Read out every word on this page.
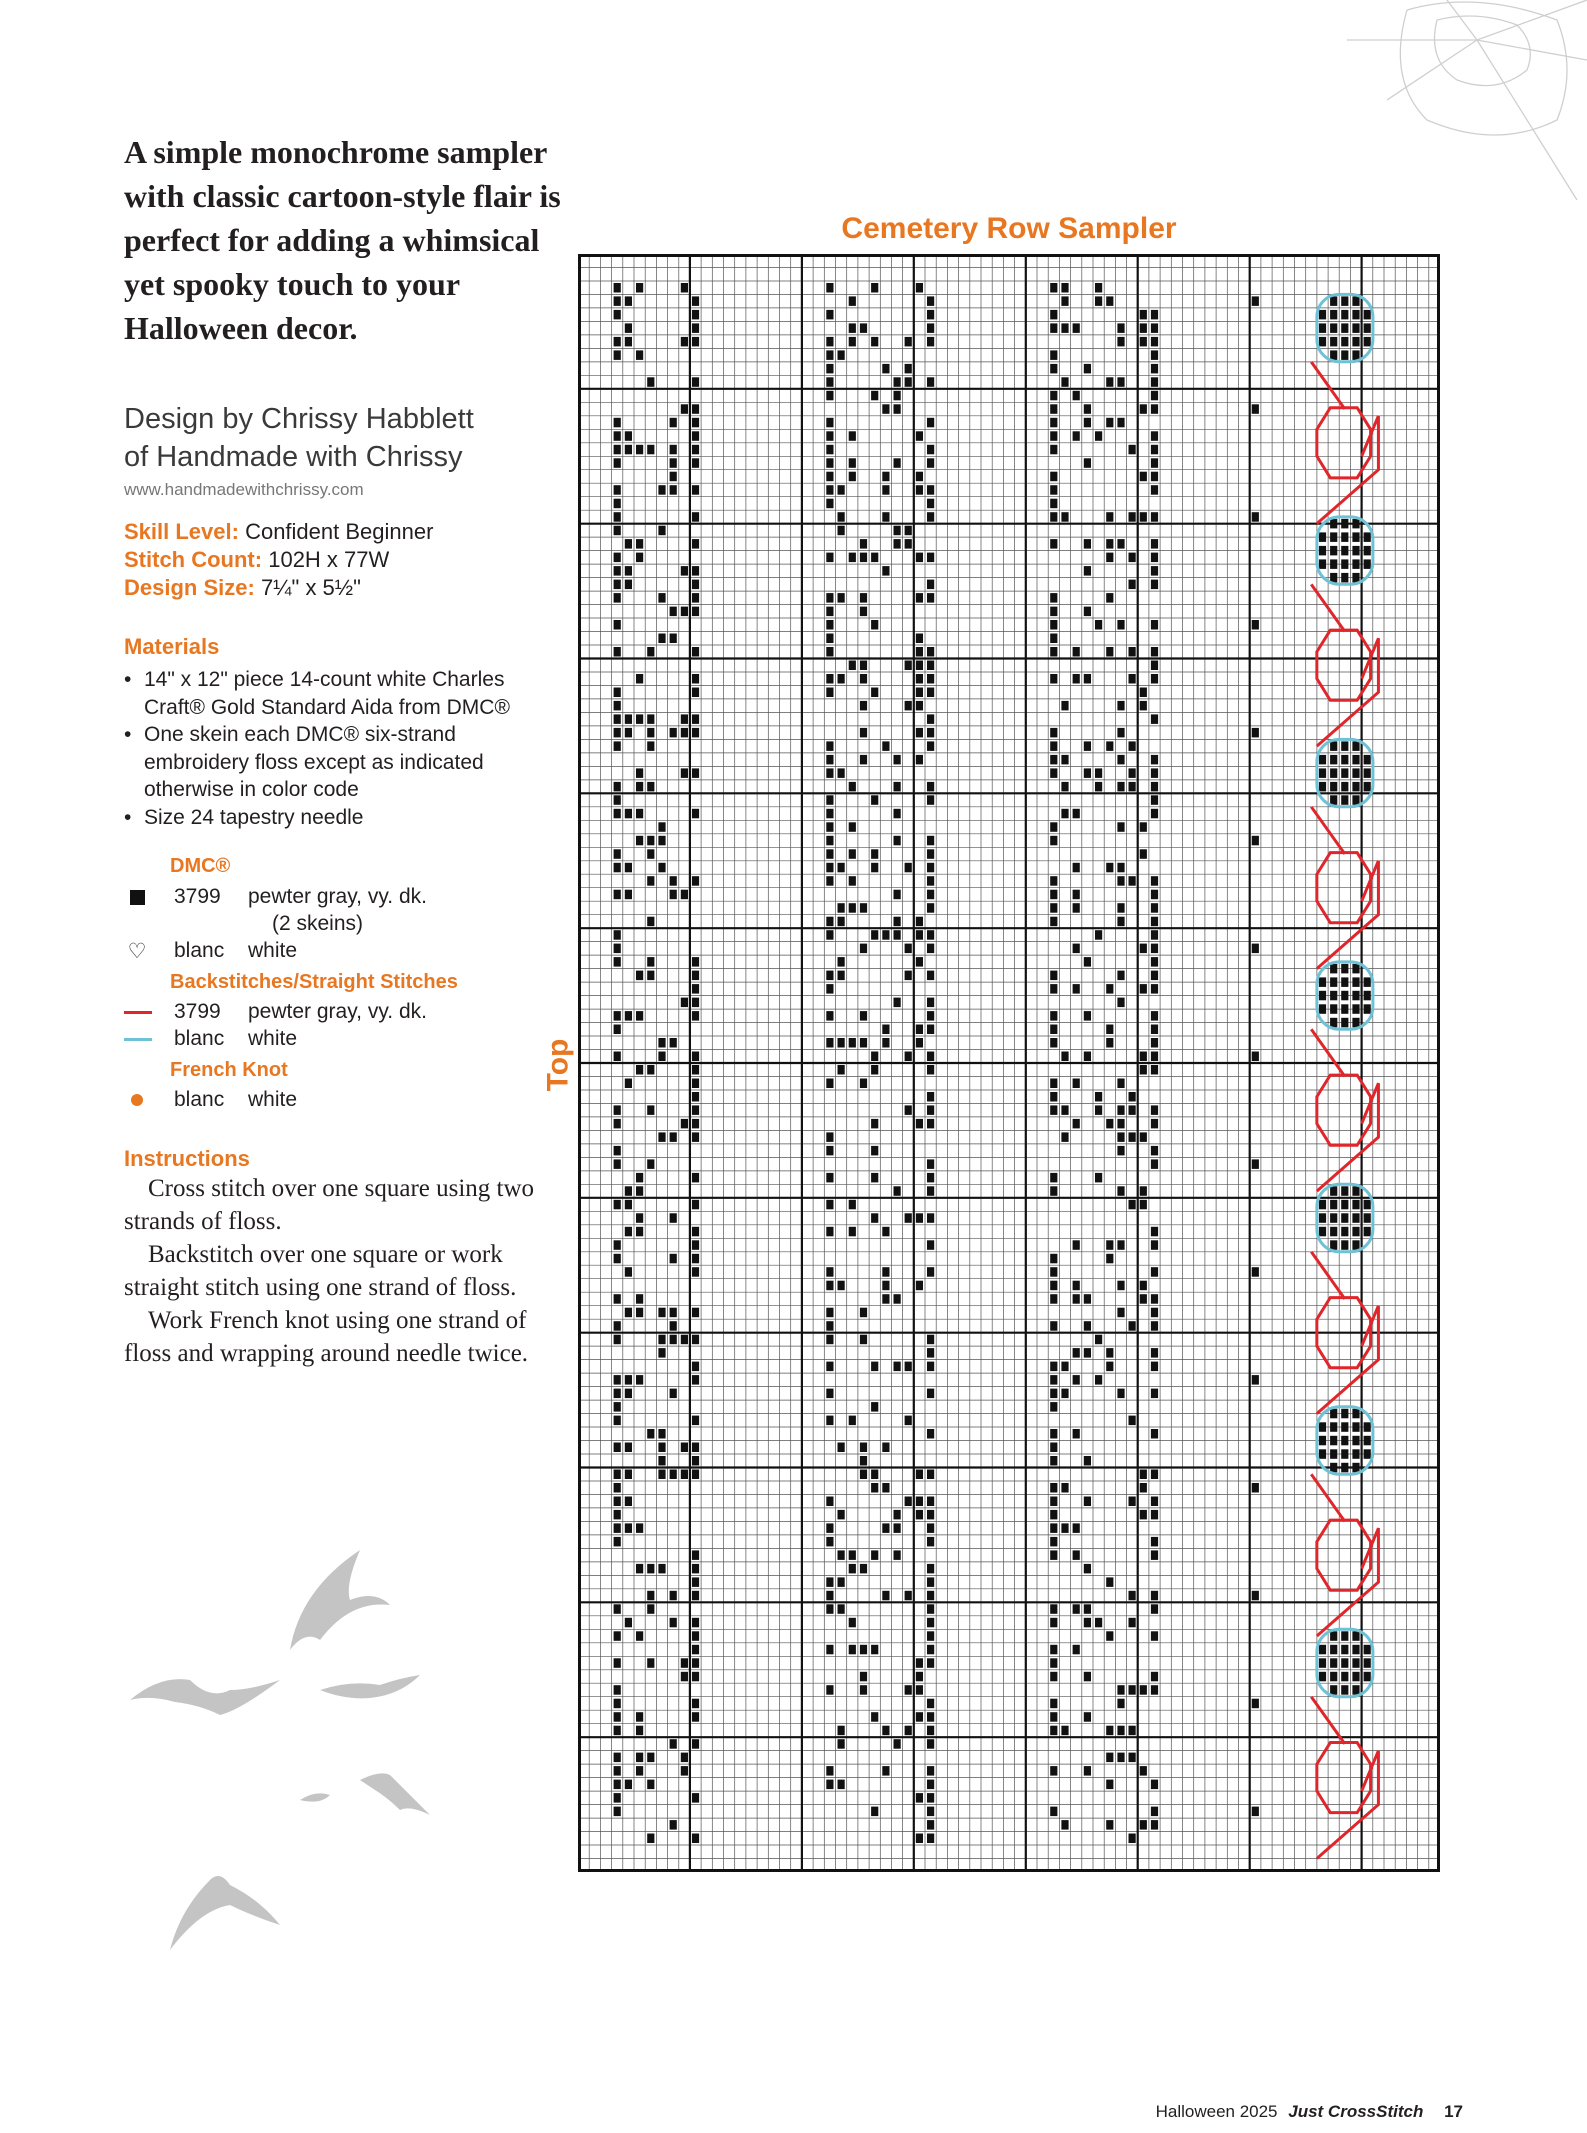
A simple monochrome sampler with classic cartoon-style flair is perfect for adding a whimsical yet spooky touch to your Halloween decor.
Design by Chrissy Habblett
of Handmade with Chrissy
www.handmadewithchrissy.com
Skill Level: Confident Beginner
Stitch Count: 102H x 77W
Design Size: 7¼" x 5½"
Materials
• 14" x 12" piece 14-count white Charles Craft® Gold Standard Aida from DMC®
• One skein each DMC® six-strand embroidery floss except as indicated otherwise in color code
• Size 24 tapestry needle
DMC®
3799 pewter gray, vy. dk.
(2 skeins)
♡ blanc white
Backstitches/Straight Stitches
3799 pewter gray, vy. dk.
blanc white
French Knot
blanc white
Instructions

Cross stitch over one square using two strands of floss.

Backstitch over one square or work straight stitch using one strand of floss.

Work French knot using one strand of floss and wrapping around needle twice.

Cemetery Row Sampler
Top
Halloween 2025 Just CrossStitch 17
